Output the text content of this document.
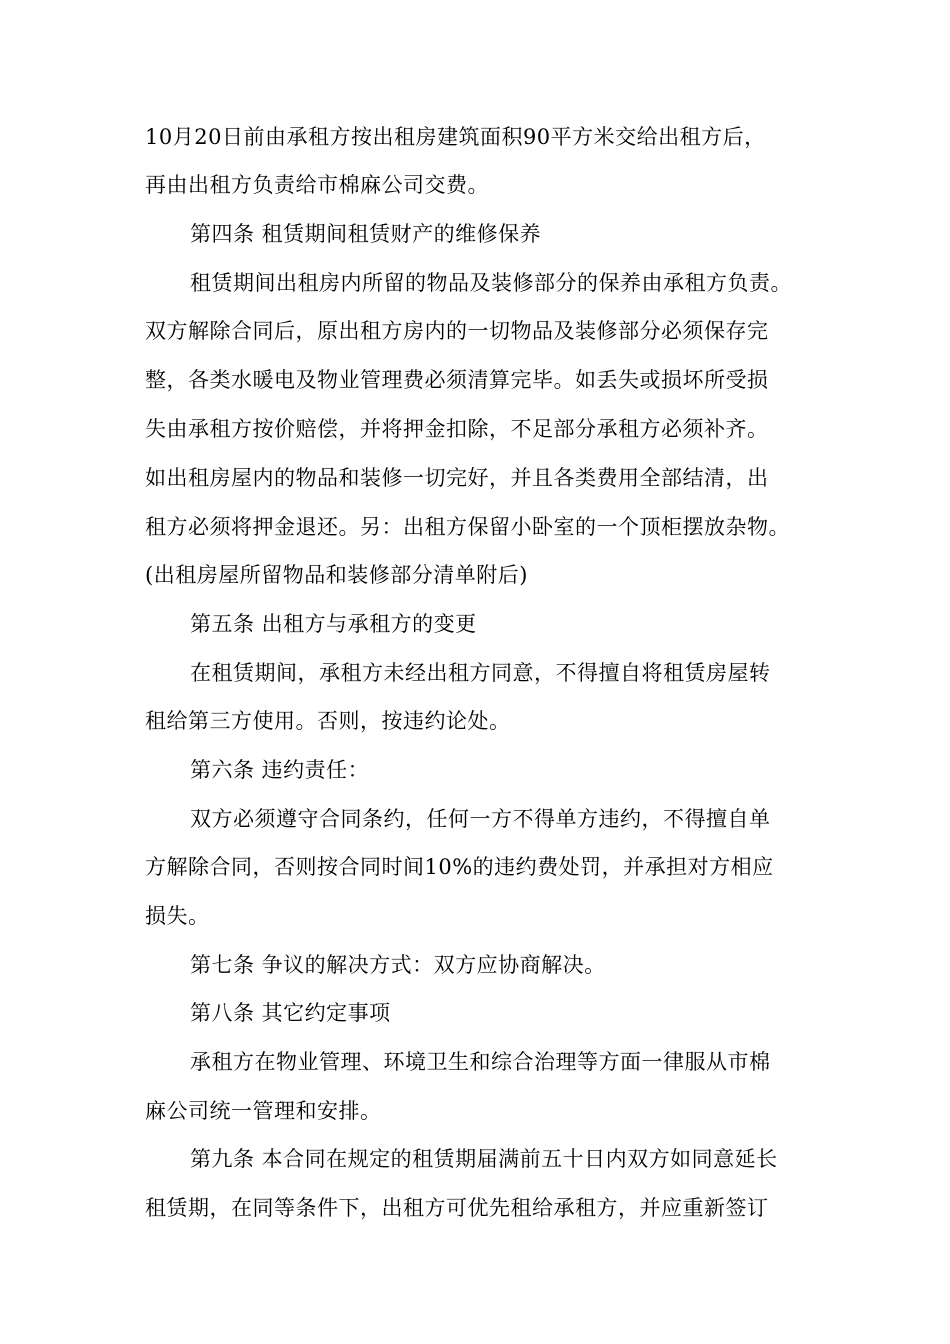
10月20日前由承租方按出租房建筑面积90平方米交给出租方后，
再由出租方负责给市棉麻公司交费。
第四条 租赁期间租赁财产的维修保养
租赁期间出租房内所留的物品及装修部分的保养由承租方负责。
双方解除合同后，原出租方房内的一切物品及装修部分必须保存完
整，各类水暖电及物业管理费必须清算完毕。如丢失或损坏所受损
失由承租方按价赔偿，并将押金扣除，不足部分承租方必须补齐。
如出租房屋内的物品和装修一切完好，并且各类费用全部结清，出
租方必须将押金退还。另：出租方保留小卧室的一个顶柜摆放杂物。
(出租房屋所留物品和装修部分清单附后)
第五条 出租方与承租方的变更
在租赁期间，承租方未经出租方同意，不得擅自将租赁房屋转
租给第三方使用。否则，按违约论处。
第六条 违约责任：
双方必须遵守合同条约，任何一方不得单方违约，不得擅自单
方解除合同，否则按合同时间10%的违约费处罚，并承担对方相应
损失。
第七条 争议的解决方式：双方应协商解决。
第八条 其它约定事项
承租方在物业管理、环境卫生和综合治理等方面一律服从市棉
麻公司统一管理和安排。
第九条 本合同在规定的租赁期届满前五十日内双方如同意延长
租赁期，在同等条件下，出租方可优先租给承租方，并应重新签订
